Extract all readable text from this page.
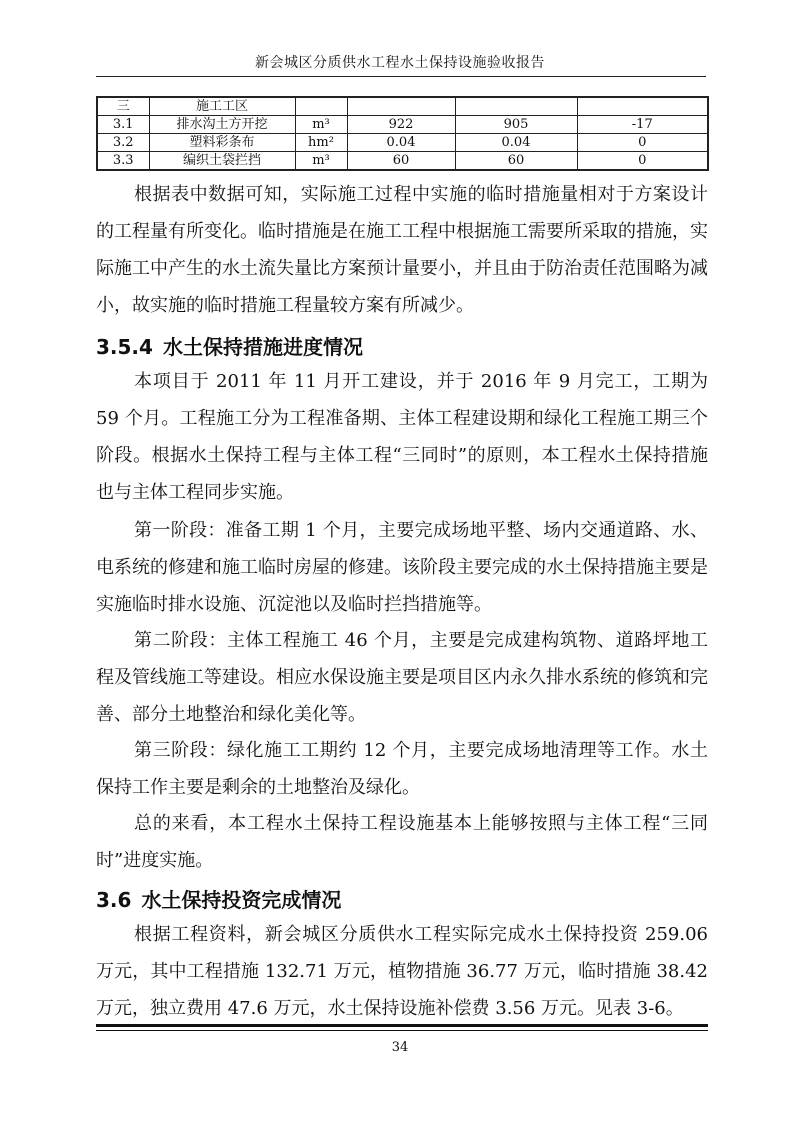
新会城区分质供水工程水土保持设施验收报告
三	施工工区				
3.1	排水沟土方开挖	m³	922	905	-17
3.2	塑料彩条布	hm²	0.04	0.04	0
3.3	编织土袋拦挡	m³	60	60	0

根据表中数据可知，实际施工过程中实施的临时措施量相对于方案设计的工程量有所变化。临时措施是在施工工程中根据施工需要所采取的措施，实际施工中产生的水土流失量比方案预计量要小，并且由于防治责任范围略为减小，故实施的临时措施工程量较方案有所减少。

3.5.4 水土保持措施进度情况

本项目于 2011 年 11 月开工建设，并于 2016 年 9 月完工，工期为 59 个月。工程施工分为工程准备期、主体工程建设期和绿化工程施工期三个阶段。根据水土保持工程与主体工程“三同时”的原则，本工程水土保持措施也与主体工程同步实施。

第一阶段：准备工期 1 个月，主要完成场地平整、场内交通道路、水、电系统的修建和施工临时房屋的修建。该阶段主要完成的水土保持措施主要是实施临时排水设施、沉淀池以及临时拦挡措施等。

第二阶段：主体工程施工 46 个月，主要是完成建构筑物、道路坪地工程及管线施工等建设。相应水保设施主要是项目区内永久排水系统的修筑和完善、部分土地整治和绿化美化等。

第三阶段：绿化施工工期约 12 个月，主要完成场地清理等工作。水土保持工作主要是剩余的土地整治及绿化。

总的来看，本工程水土保持工程设施基本上能够按照与主体工程“三同时”进度实施。

3.6 水土保持投资完成情况

根据工程资料，新会城区分质供水工程实际完成水土保持投资 259.06 万元，其中工程措施 132.71 万元，植物措施 36.77 万元，临时措施 38.42 万元，独立费用 47.6 万元，水土保持设施补偿费 3.56 万元。见表 3-6。

34
